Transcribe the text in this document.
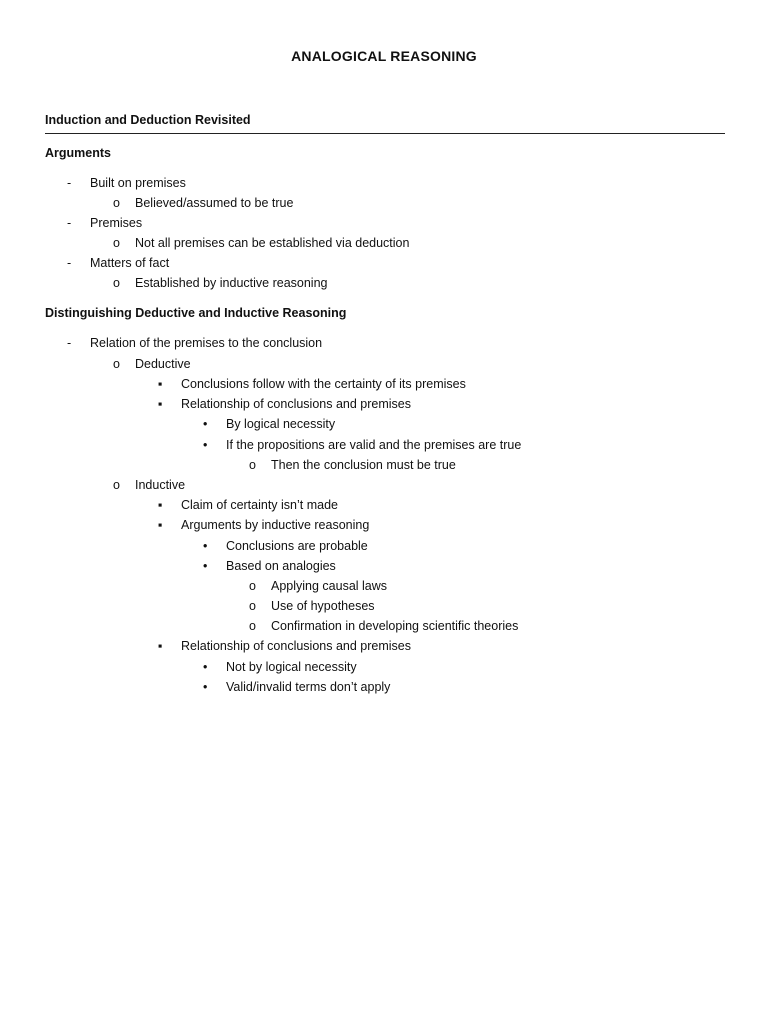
ANALOGICAL REASONING
Induction and Deduction Revisited
Arguments
- Built on premises
o Believed/assumed to be true
- Premises
o Not all premises can be established via deduction
- Matters of fact
o Established by inductive reasoning
Distinguishing Deductive and Inductive Reasoning
- Relation of the premises to the conclusion
o Deductive
▪ Conclusions follow with the certainty of its premises
▪ Relationship of conclusions and premises
• By logical necessity
• If the propositions are valid and the premises are true
o Then the conclusion must be true
o Inductive
▪ Claim of certainty isn’t made
▪ Arguments by inductive reasoning
• Conclusions are probable
• Based on analogies
o Applying causal laws
o Use of hypotheses
o Confirmation in developing scientific theories
▪ Relationship of conclusions and premises
• Not by logical necessity
• Valid/invalid terms don’t apply
